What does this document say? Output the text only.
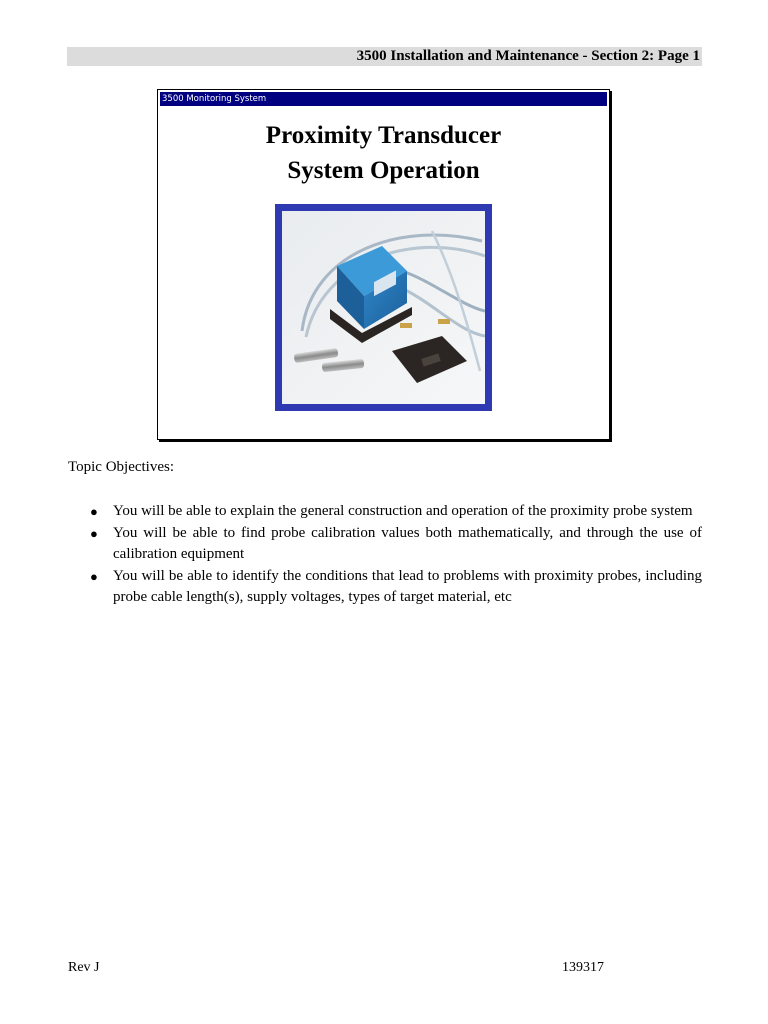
3500 Installation and Maintenance - Section 2: Page 1
3500 Monitoring System
Proximity Transducer
System Operation
Topic Objectives:
● You will be able to explain the general construction and operation of the proximity probe system
● You will be able to find probe calibration values both mathematically, and through the use of calibration equipment
● You will be able to identify the conditions that lead to problems with proximity probes, including probe cable length(s), supply voltages, types of target material, etc
Rev J	139317
